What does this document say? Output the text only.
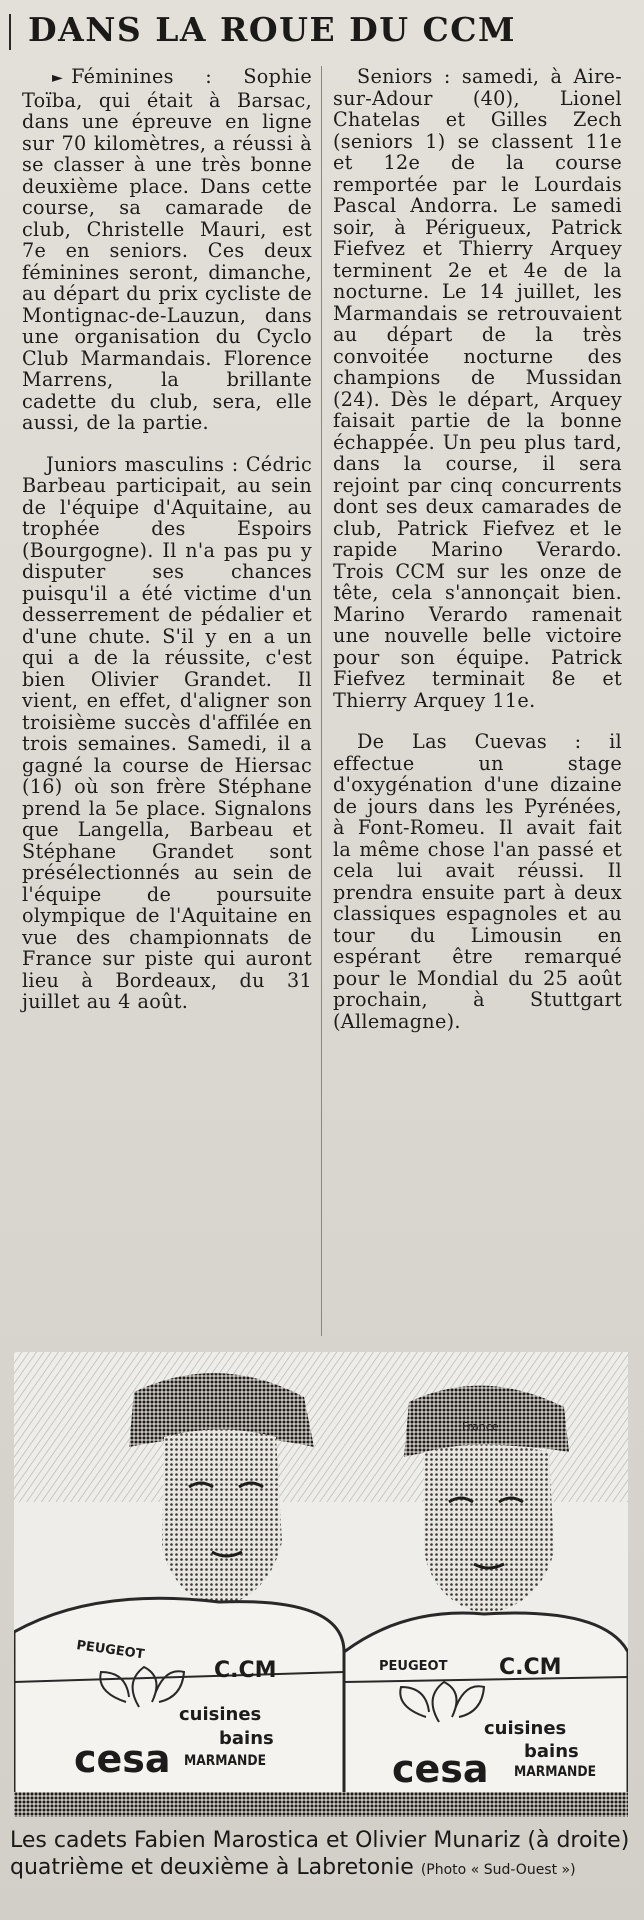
DANS LA ROUE DU CCM

► Féminines : Sophie Toïba, qui était à Barsac, dans une épreuve en ligne sur 70 kilomètres, a réussi à se classer à une très bonne deuxième place. Dans cette course, sa camarade de club, Christelle Mauri, est 7e en seniors. Ces deux féminines seront, dimanche, au départ du prix cycliste de Montignac-de-Lauzun, dans une organisation du Cyclo Club Marmandais. Florence Marrens, la brillante cadette du club, sera, elle aussi, de la partie.

Juniors masculins : Cédric Barbeau participait, au sein de l'équipe d'Aquitaine, au trophée des Espoirs (Bourgogne). Il n'a pas pu y disputer ses chances puisqu'il a été victime d'un desserrement de pédalier et d'une chute. S'il y en a un qui a de la réussite, c'est bien Olivier Grandet. Il vient, en effet, d'aligner son troisième succès d'affilée en trois semaines. Samedi, il a gagné la course de Hiersac (16) où son frère Stéphane prend la 5e place. Signalons que Langella, Barbeau et Stéphane Grandet sont présélectionnés au sein de l'équipe de poursuite olympique de l'Aquitaine en vue des championnats de France sur piste qui auront lieu à Bordeaux, du 31 juillet au 4 août.

Seniors : samedi, à Aire-sur-Adour (40), Lionel Chatelas et Gilles Zech (seniors 1) se classent 11e et 12e de la course remportée par le Lourdais Pascal Andorra. Le samedi soir, à Périgueux, Patrick Fiefvez et Thierry Arquey terminent 2e et 4e de la nocturne. Le 14 juillet, les Marmandais se retrouvaient au départ de la très convoitée nocturne des champions de Mussidan (24). Dès le départ, Arquey faisait partie de la bonne échappée. Un peu plus tard, dans la course, il sera rejoint par cinq concurrents dont ses deux camarades de club, Patrick Fiefvez et le rapide Marino Verardo. Trois CCM sur les onze de tête, cela s'annonçait bien. Marino Verardo ramenait une nouvelle belle victoire pour son équipe. Patrick Fiefvez terminait 8e et Thierry Arquey 11e.

De Las Cuevas : il effectue un stage d'oxygénation d'une dizaine de jours dans les Pyrénées, à Font-Romeu. Il avait fait la même chose l'an passé et cela lui avait réussi. Il prendra ensuite part à deux classiques espagnoles et au tour du Limousin en espérant être remarqué pour le Mondial du 25 août prochain, à Stuttgart (Allemagne).

PEUGEOT
C.CM
cuisines
bains
cesa MARMANDE
France
PEUGEOT C.CM
cuisines
bains
cesa MARMANDE
Les cadets Fabien Marostica et Olivier Munariz (à droite) quatrième et deuxième à Labretonie (Photo « Sud-Ouest »)
